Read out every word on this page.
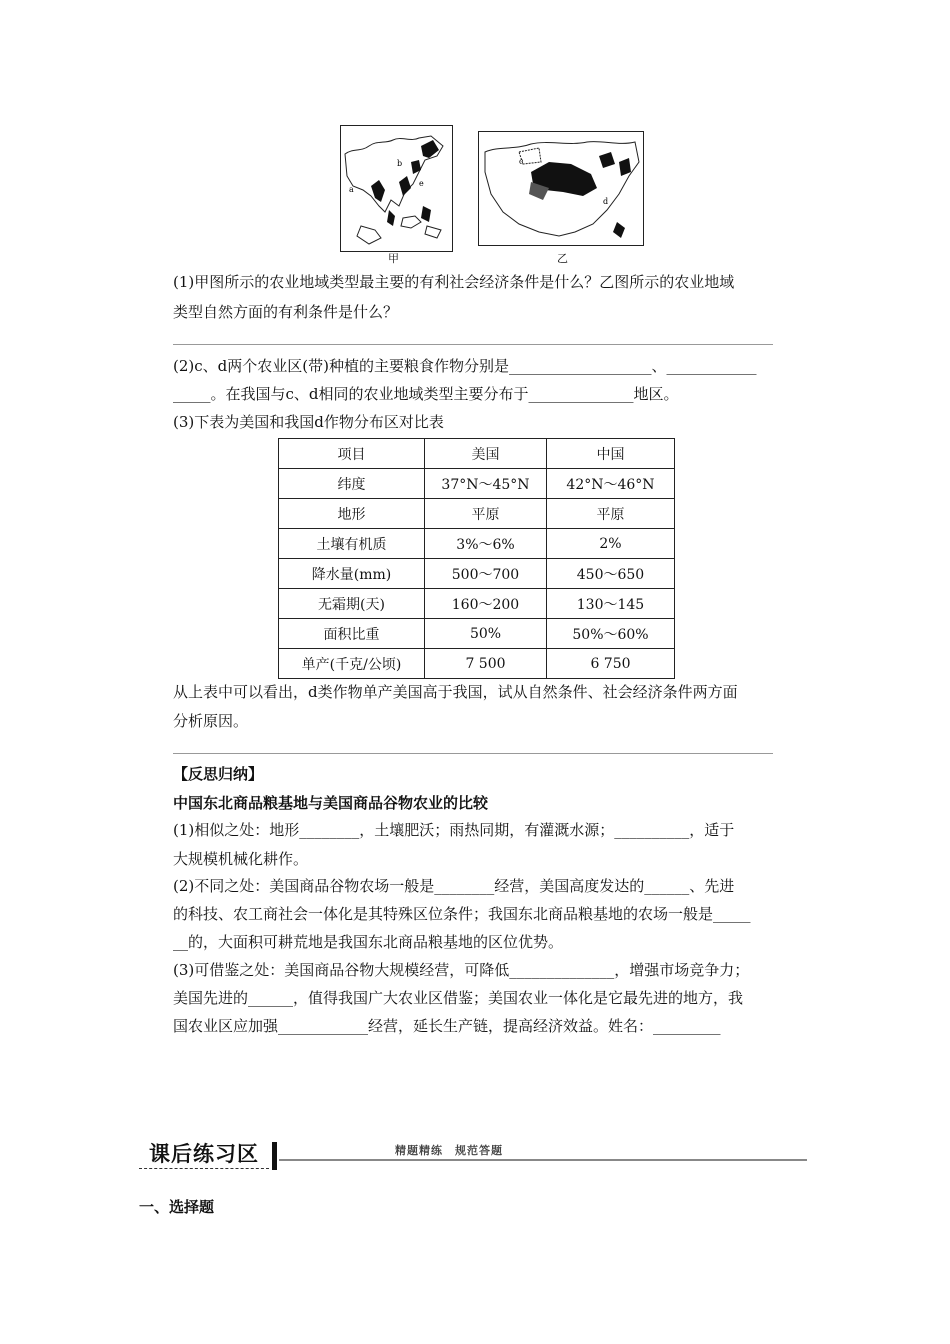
a
b
e
甲
c
d
乙
(1)甲图所示的农业地域类型最主要的有利社会经济条件是什么？乙图所示的农业地域
类型自然方面的有利条件是什么？
(2)c、d两个农业区(带)种植的主要粮食作物分别是___________________、____________
_____。在我国与c、d相同的农业地域类型主要分布于______________地区。
(3)下表为美国和我国d作物分布区对比表
项目	美国	中国
纬度	37°N～45°N	42°N～46°N
地形	平原	平原
土壤有机质	3%～6%	2%
降水量(mm)	500～700	450～650
无霜期(天)	160～200	130～145
面积比重	50%	50%～60%
单产(千克/公顷)	7 500	6 750
从上表中可以看出，d类作物单产美国高于我国，试从自然条件、社会经济条件两方面
分析原因。
【反思归纳】
中国东北商品粮基地与美国商品谷物农业的比较
(1)相似之处：地形________，土壤肥沃；雨热同期，有灌溉水源；__________，适于
大规模机械化耕作。
(2)不同之处：美国商品谷物农场一般是________经营，美国高度发达的______、先进
的科技、农工商社会一体化是其特殊区位条件；我国东北商品粮基地的农场一般是_____
__的，大面积可耕荒地是我国东北商品粮基地的区位优势。
(3)可借鉴之处：美国商品谷物大规模经营，可降低______________，增强市场竞争力；
美国先进的______，值得我国广大农业区借鉴；美国农业一体化是它最先进的地方，我
国农业区应加强____________经营，延长生产链，提高经济效益。姓名：_________
课后练习区	精题精练　规范答题
一、选择题
